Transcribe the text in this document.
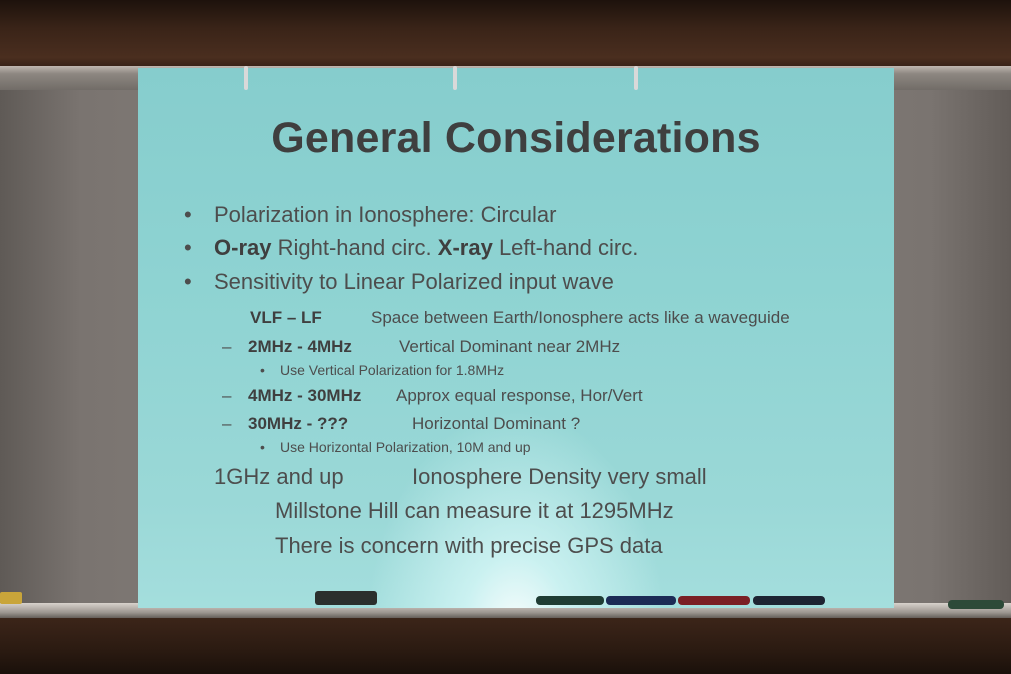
General Considerations
• Polarization in Ionosphere: Circular
• O-ray Right-hand circ. X-ray Left-hand circ.
• Sensitivity to Linear Polarized input wave
VLF – LF	Space between Earth/Ionosphere acts like a waveguide
– 2MHz - 4MHz	Vertical Dominant near 2MHz
• Use Vertical Polarization for 1.8MHz
– 4MHz - 30MHz Approx equal response, Hor/Vert
– 30MHz - ???	Horizontal Dominant ?
• Use Horizontal Polarization, 10M and up
1GHz and up	Ionosphere Density very small
Millstone Hill can measure it at 1295MHz
There is concern with precise GPS data
